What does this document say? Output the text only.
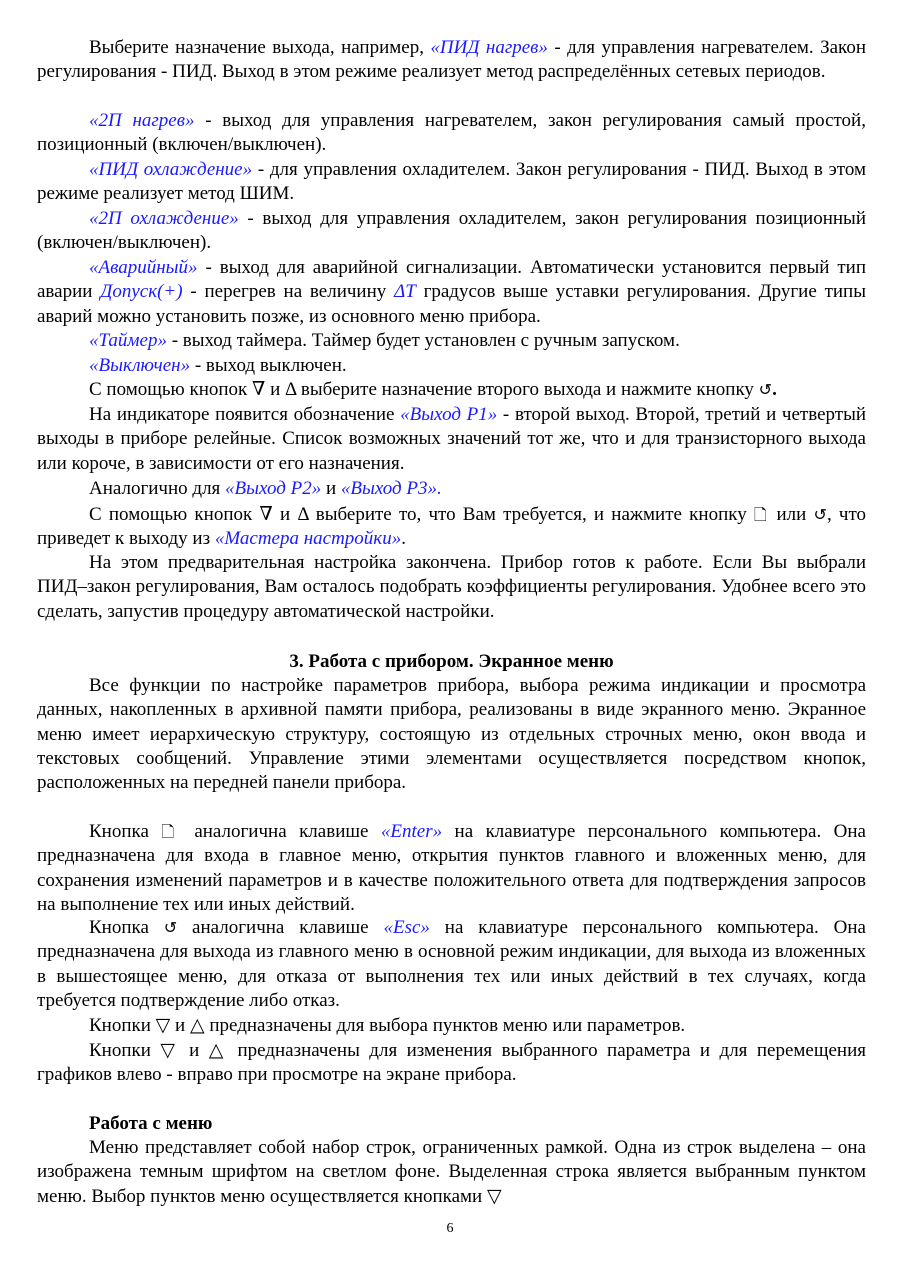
Выберите назначение выхода, например, «ПИД нагрев» - для управления нагревателем. Закон регулирования - ПИД. Выход в этом режиме реализует метод распределённых сетевых периодов.

«2П нагрев» - выход для управления нагревателем, закон регулирования самый простой, позиционный (включен/выключен).

«ПИД охлаждение» - для управления охладителем. Закон регулирования - ПИД. Выход в этом режиме реализует метод ШИМ.

«2П охлаждение» - выход для управления охладителем, закон регулирования позиционный (включен/выключен).

«Аварийный» - выход для аварийной сигнализации. Автоматически установится первый тип аварии Допуск(+) - перегрев на величину ΔT градусов выше уставки регулирования. Другие типы аварий можно установить позже, из основного меню прибора.

«Таймер» - выход таймера. Таймер будет установлен с ручным запуском.

«Выключен» - выход выключен.

С помощью кнопок ∇ и Δ выберите назначение второго выхода и нажмите кнопку ↺.

На индикаторе появится обозначение «Выход Р1» - второй выход. Второй, третий и четвертый выходы в приборе релейные. Список возможных значений тот же, что и для транзисторного выхода или короче, в зависимости от его назначения.

Аналогично для «Выход Р2» и «Выход Р3».

С помощью кнопок ∇ и Δ выберите то, что Вам требуется, и нажмите кнопку 🗋 или ↺, что приведет к выходу из «Мастера настройки».

На этом предварительная настройка закончена. Прибор готов к работе. Если Вы выбрали ПИД–закон регулирования, Вам осталось подобрать коэффициенты регулирования. Удобнее всего это сделать, запустив процедуру автоматической настройки.

3. Работа с прибором. Экранное меню

Все функции по настройке параметров прибора, выбора режима индикации и просмотра данных, накопленных в архивной памяти прибора, реализованы в виде экранного меню. Экранное меню имеет иерархическую структуру, состоящую из отдельных строчных меню, окон ввода и текстовых сообщений. Управление этими элементами осуществляется посредством кнопок, расположенных на передней панели прибора.

Кнопка 🗋 аналогична клавише «Enter» на клавиатуре персонального компьютера. Она предназначена для входа в главное меню, открытия пунктов главного и вложенных меню, для сохранения изменений параметров и в качестве положительного ответа для подтверждения запросов на выполнение тех или иных действий.

Кнопка ↺ аналогична клавише «Esc» на клавиатуре персонального компьютера. Она предназначена для выхода из главного меню в основной режим индикации, для выхода из вложенных в вышестоящее меню, для отказа от выполнения тех или иных действий в тех случаях, когда требуется подтверждение либо отказ.

Кнопки ▽ и △ предназначены для выбора пунктов меню или параметров.

Кнопки ▽ и △ предназначены для изменения выбранного параметра и для перемещения графиков влево - вправо при просмотре на экране прибора.

Работа с меню

Меню представляет собой набор строк, ограниченных рамкой. Одна из строк выделена – она изображена темным шрифтом на светлом фоне. Выделенная строка является выбранным пунктом меню. Выбор пунктов меню осуществляется кнопками ▽

6
